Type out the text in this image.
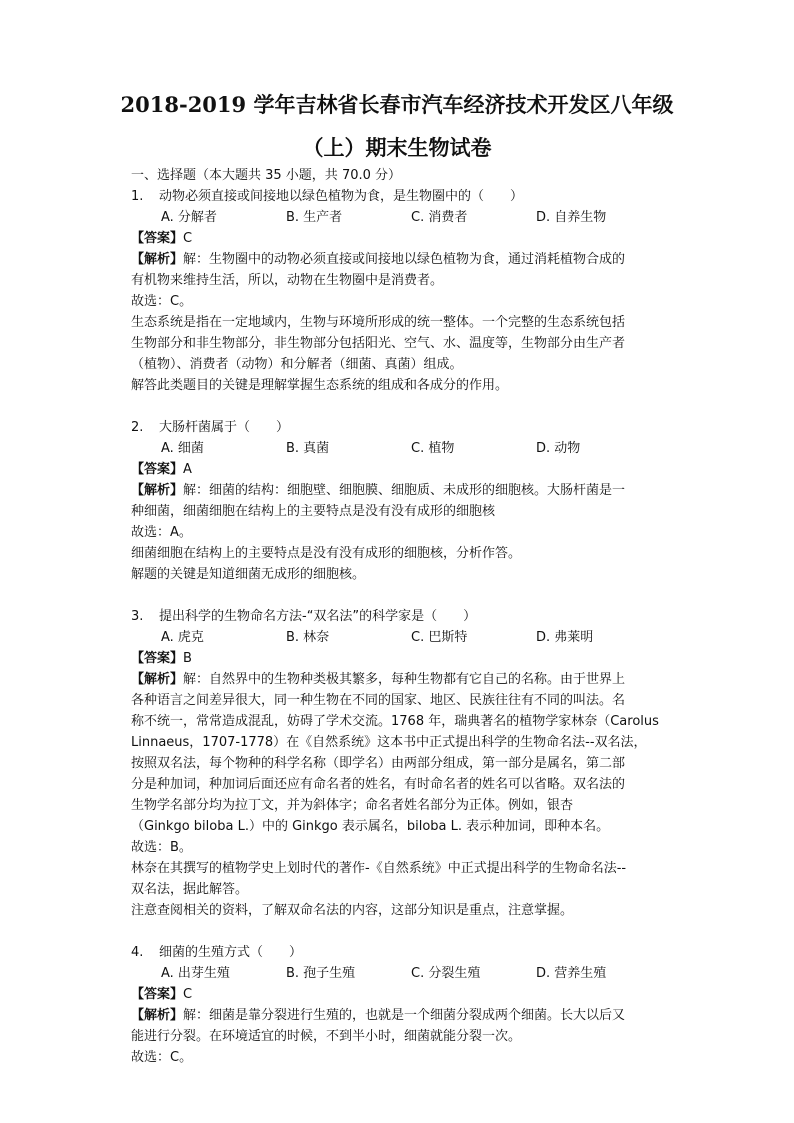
2018-2019 学年吉林省长春市汽车经济技术开发区八年级
（上）期末生物试卷
一、选择题（本大题共 35 小题，共 70.0 分）
1.	动物必须直接或间接地以绿色植物为食，是生物圈中的（　　）
A. 分解者	B. 生产者	C. 消费者	D. 自养生物
【答案】C
【解析】解：生物圈中的动物必须直接或间接地以绿色植物为食，通过消耗植物合成的
有机物来维持生活，所以，动物在生物圈中是消费者。
故选：C。
生态系统是指在一定地域内，生物与环境所形成的统一整体。一个完整的生态系统包括
生物部分和非生物部分，非生物部分包括阳光、空气、水、温度等，生物部分由生产者
（植物）、消费者（动物）和分解者（细菌、真菌）组成。
解答此类题目的关键是理解掌握生态系统的组成和各成分的作用。
2.	大肠杆菌属于（　　）
A. 细菌	B. 真菌	C. 植物	D. 动物
【答案】A
【解析】解：细菌的结构：细胞壁、细胞膜、细胞质、未成形的细胞核。大肠杆菌是一
种细菌，细菌细胞在结构上的主要特点是没有没有成形的细胞核
故选：A。
细菌细胞在结构上的主要特点是没有没有成形的细胞核，分析作答。
解题的关键是知道细菌无成形的细胞核。
3.	提出科学的生物命名方法-“双名法”的科学家是（　　）
A. 虎克	B. 林奈	C. 巴斯特	D. 弗莱明
【答案】B
【解析】解：自然界中的生物种类极其繁多，每种生物都有它自己的名称。由于世界上
各种语言之间差异很大，同一种生物在不同的国家、地区、民族往往有不同的叫法。名
称不统一，常常造成混乱，妨碍了学术交流。1768 年，瑞典著名的植物学家林奈（Carolus
Linnaeus，1707-1778）在《自然系统》这本书中正式提出科学的生物命名法--双名法，
按照双名法，每个物种的科学名称（即学名）由两部分组成，第一部分是属名，第二部
分是种加词，种加词后面还应有命名者的姓名，有时命名者的姓名可以省略。双名法的
生物学名部分均为拉丁文，并为斜体字；命名者姓名部分为正体。例如，银杏
（Ginkgo biloba L.）中的 Ginkgo 表示属名，biloba L. 表示种加词，即种本名。
故选：B。
林奈在其撰写的植物学史上划时代的著作-《自然系统》中正式提出科学的生物命名法--
双名法，据此解答。
注意查阅相关的资料，了解双命名法的内容，这部分知识是重点，注意掌握。
4.	细菌的生殖方式（　　）
A. 出芽生殖	B. 孢子生殖	C. 分裂生殖	D. 营养生殖
【答案】C
【解析】解：细菌是靠分裂进行生殖的，也就是一个细菌分裂成两个细菌。长大以后又
能进行分裂。在环境适宜的时候，不到半小时，细菌就能分裂一次。
故选：C。
